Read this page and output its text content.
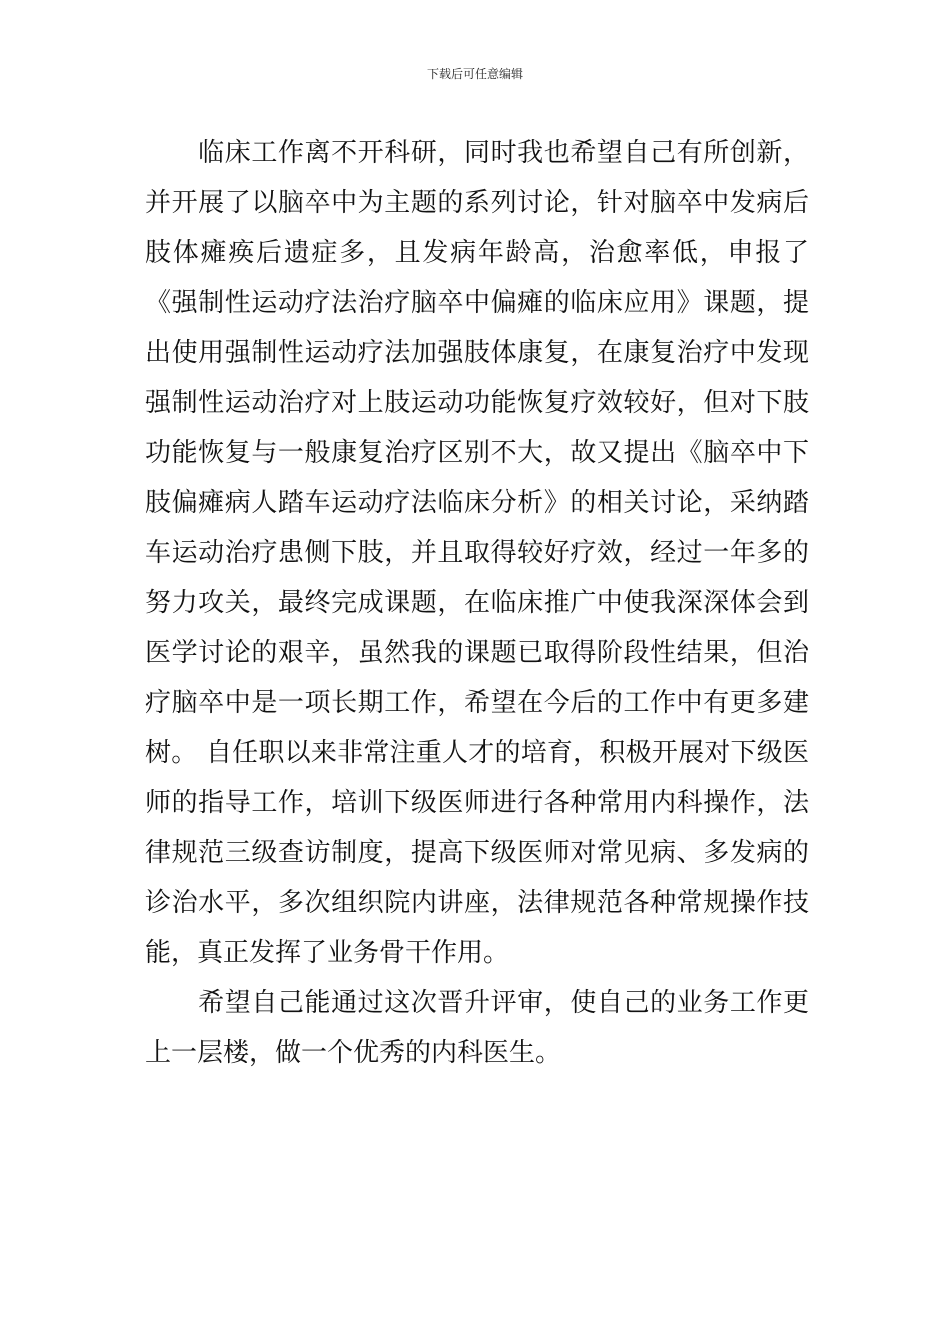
下载后可任意编辑
　　临床工作离不开科研，同时我也希望自己有所创新，
并开展了以脑卒中为主题的系列讨论，针对脑卒中发病后
肢体瘫痪后遗症多，且发病年龄高，治愈率低，申报了
《强制性运动疗法治疗脑卒中偏瘫的临床应用》课题，提
出使用强制性运动疗法加强肢体康复，在康复治疗中发现
强制性运动治疗对上肢运动功能恢复疗效较好，但对下肢
功能恢复与一般康复治疗区别不大，故又提出《脑卒中下
肢偏瘫病人踏车运动疗法临床分析》的相关讨论，采纳踏
车运动治疗患侧下肢，并且取得较好疗效，经过一年多的
努力攻关，最终完成课题，在临床推广中使我深深体会到
医学讨论的艰辛，虽然我的课题已取得阶段性结果，但治
疗脑卒中是一项长期工作，希望在今后的工作中有更多建
树。 自任职以来非常注重人才的培育，积极开展对下级医
师的指导工作，培训下级医师进行各种常用内科操作，法
律规范三级查访制度，提高下级医师对常见病、多发病的
诊治水平，多次组织院内讲座，法律规范各种常规操作技
能，真正发挥了业务骨干作用。
　　希望自己能通过这次晋升评审，使自己的业务工作更
上一层楼，做一个优秀的内科医生。
